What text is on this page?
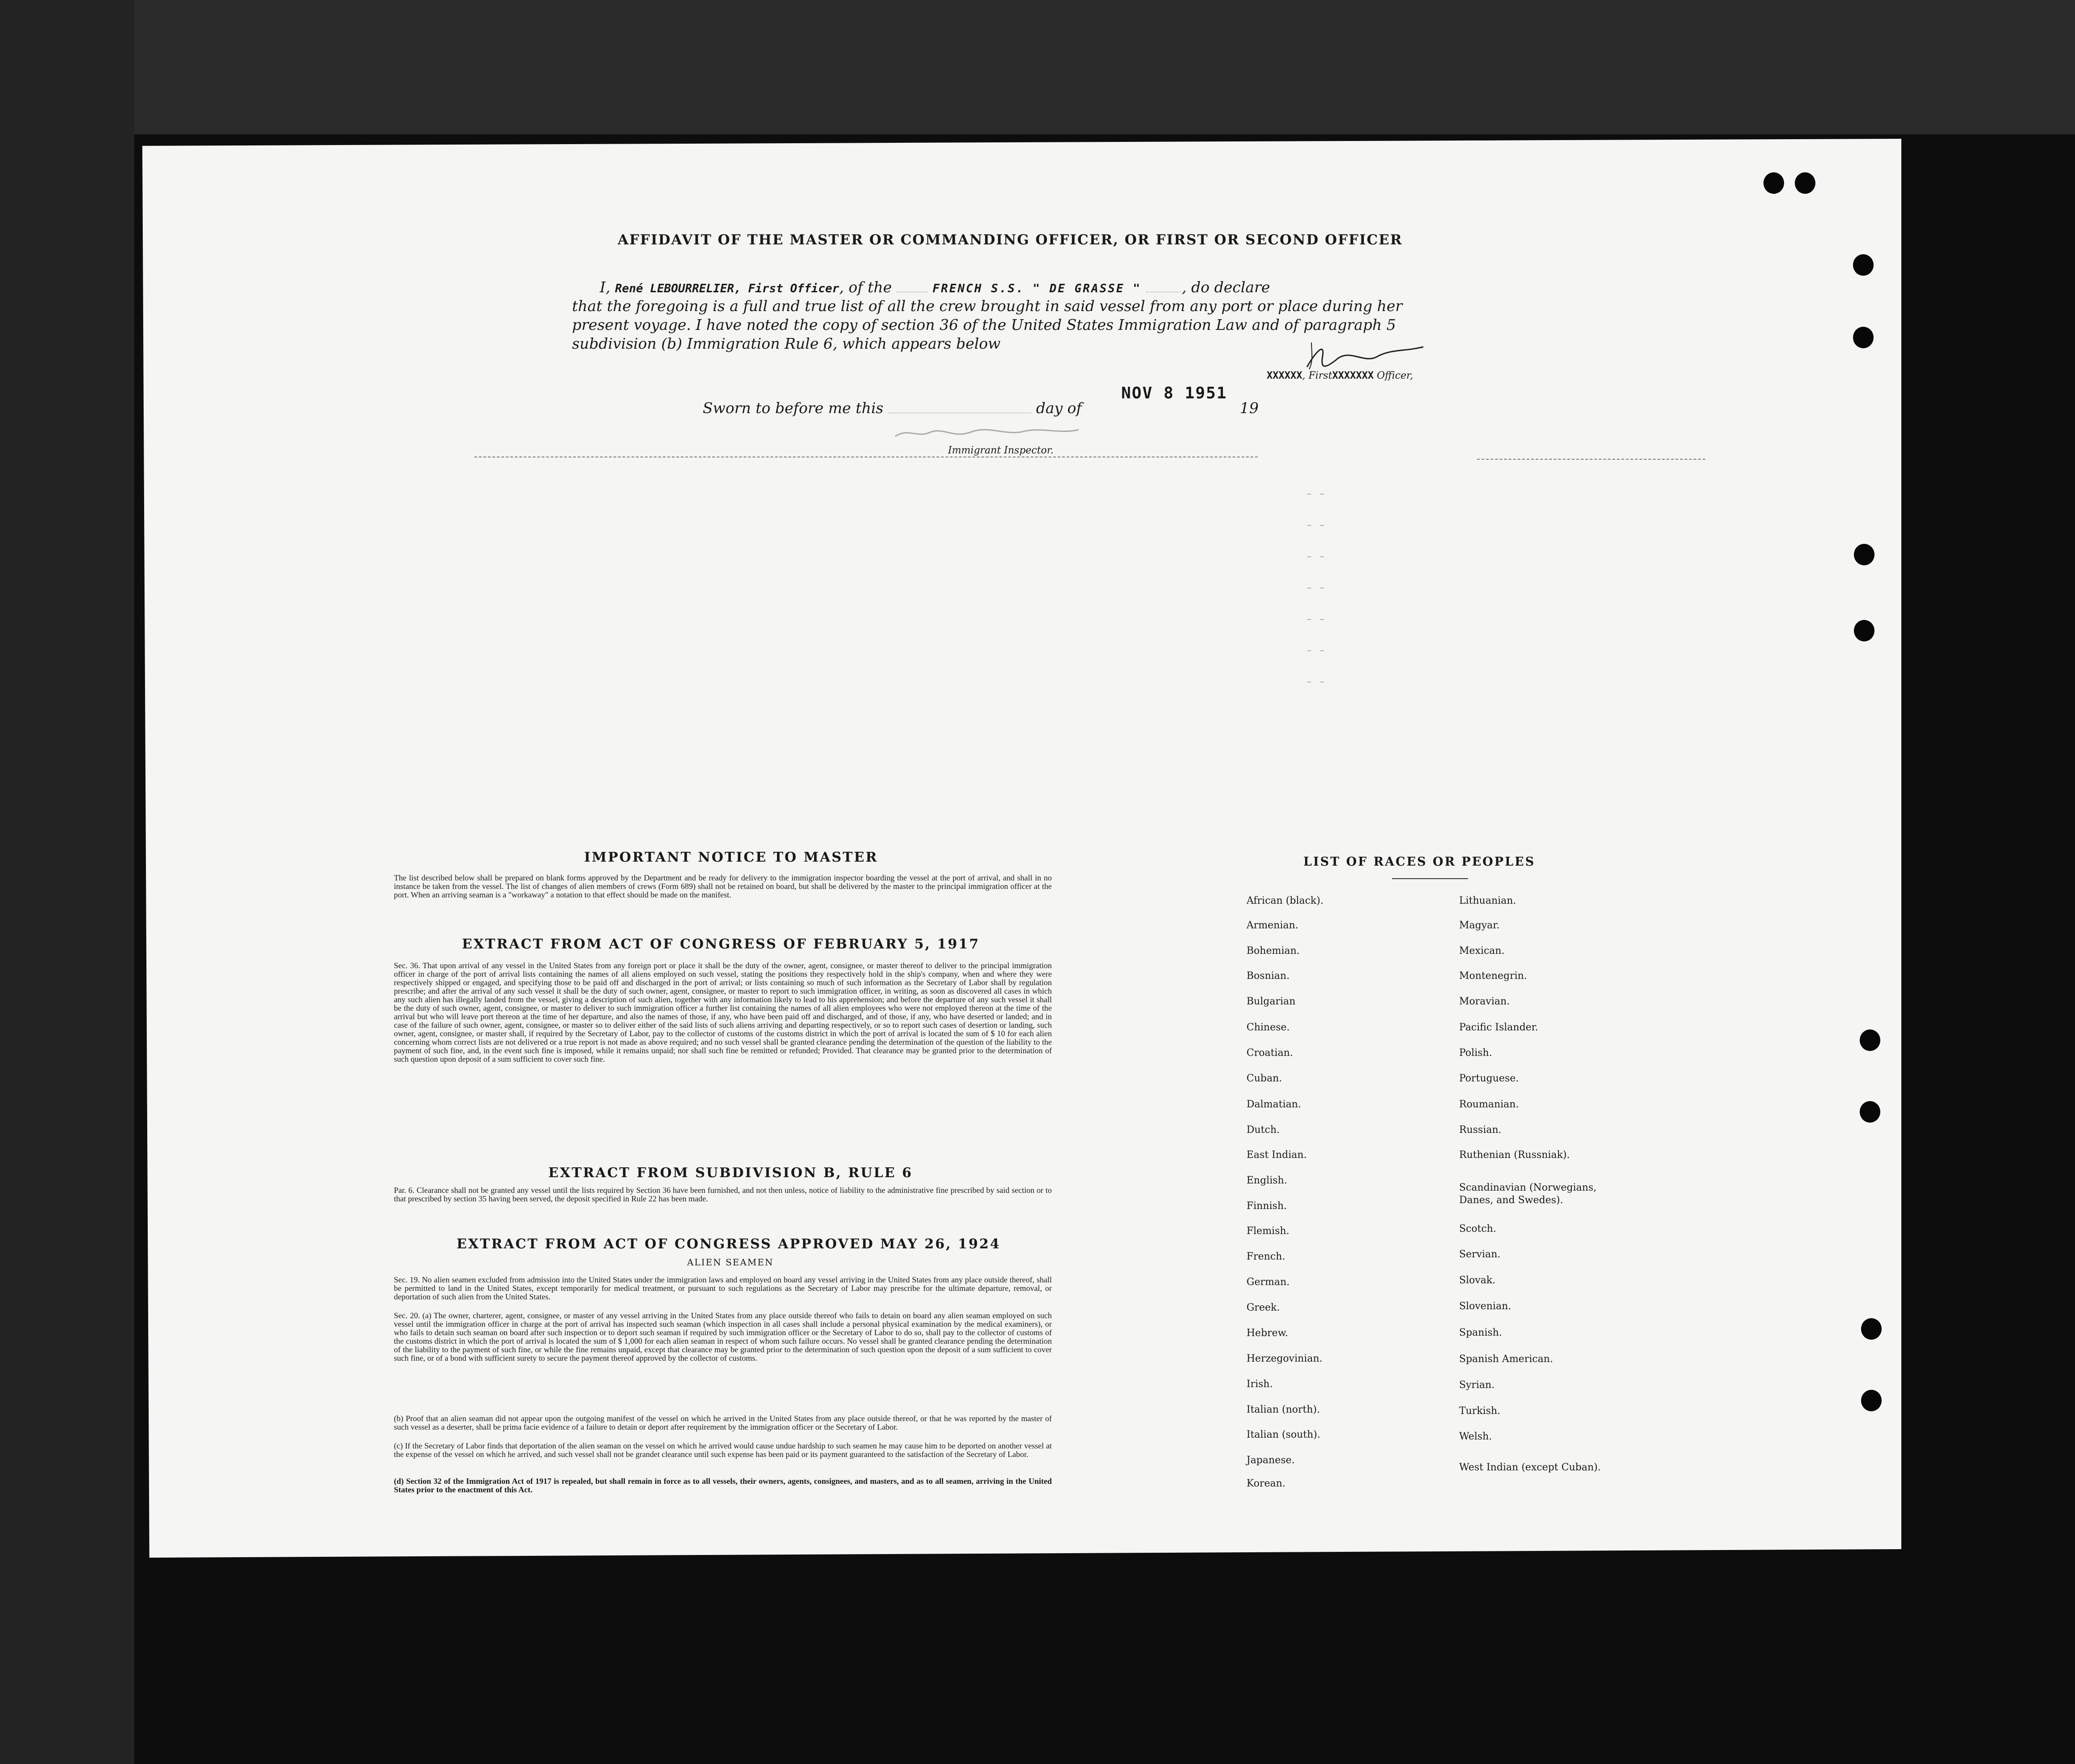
AFFIDAVIT OF THE MASTER OR COMMANDING OFFICER, OR FIRST OR SECOND OFFICER
I, René LEBOURRELIER, First Officer, of the	FRENCH S.S. " DE GRASSE "	, do declare
that the foregoing is a full and true list of all the crew brought in said vessel from any port or place during her
present voyage. I have noted the copy of section 36 of the United States Immigration Law and of paragraph 5
subdivision (b) Immigration Rule 6, which appears below
XXXXXX, FirstXXXXXXX Officer,
Sworn to before me this	day of
NOV 8 1951
19
Immigrant Inspector.
– –
– –
– –
– –
– –
– –
– –
IMPORTANT NOTICE TO MASTER
The list described below shall be prepared on blank forms approved by the Department and be ready for delivery to the immigration inspector boarding the vessel at the port of arrival, and shall in no instance be taken from the vessel. The list of changes of alien members of crews (Form 689) shall not be retained on board, but shall be delivered by the master to the principal immigration officer at the port. When an arriving seaman is a "workaway" a notation to that effect should be made on the manifest.
EXTRACT FROM ACT OF CONGRESS OF FEBRUARY 5, 1917
Sec. 36. That upon arrival of any vessel in the United States from any foreign port or place it shall be the duty of the owner, agent, consignee, or master thereof to deliver to the principal immigration officer in charge of the port of arrival lists containing the names of all aliens employed on such vessel, stating the positions they respectively hold in the ship's company, when and where they were respectively shipped or engaged, and specifying those to be paid off and discharged in the port of arrival; or lists containing so much of such information as the Secretary of Labor shall by regulation prescribe; and after the arrival of any such vessel it shall be the duty of such owner, agent, consignee, or master to report to such immigration officer, in writing, as soon as discovered all cases in which any such alien has illegally landed from the vessel, giving a description of such alien, together with any information likely to lead to his apprehension; and before the departure of any such vessel it shall be the duty of such owner, agent, consignee, or master to deliver to such immigration officer a further list containing the names of all alien employees who were not employed thereon at the time of the arrival but who will leave port thereon at the time of her departure, and also the names of those, if any, who have been paid off and discharged, and of those, if any, who have deserted or landed; and in case of the failure of such owner, agent, consignee, or master so to deliver either of the said lists of such aliens arriving and departing respectively, or so to report such cases of desertion or landing, such owner, agent, consignee, or master shall, if required by the Secretary of Labor, pay to the collector of customs of the customs district in which the port of arrival is located the sum of $ 10 for each alien concerning whom correct lists are not delivered or a true report is not made as above required; and no such vessel shall be granted clearance pending the determination of the question of the liability to the payment of such fine, and, in the event such fine is imposed, while it remains unpaid; nor shall such fine be remitted or refunded; Provided. That clearance may be granted prior to the determination of such question upon deposit of a sum sufficient to cover such fine.
EXTRACT FROM SUBDIVISION B, RULE 6
Par. 6. Clearance shall not be granted any vessel until the lists required by Section 36 have been furnished, and not then unless, notice of liability to the administrative fine prescribed by said section or to that prescribed by section 35 having been served, the deposit specified in Rule 22 has been made.
EXTRACT FROM ACT OF CONGRESS APPROVED MAY 26, 1924
ALIEN SEAMEN
Sec. 19. No alien seamen excluded from admission into the United States under the immigration laws and employed on board any vessel arriving in the United States from any place outside thereof, shall be permitted to land in the United States, except temporarily for medical treatment, or pursuant to such regulations as the Secretary of Labor may prescribe for the ultimate departure, removal, or deportation of such alien from the United States.
Sec. 20. (a) The owner, charterer, agent, consignee, or master of any vessel arriving in the United States from any place outside thereof who fails to detain on board any alien seaman employed on such vessel until the immigration officer in charge at the port of arrival has inspected such seaman (which inspection in all cases shall include a personal physical examination by the medical examiners), or who fails to detain such seaman on board after such inspection or to deport such seaman if required by such immigration officer or the Secretary of Labor to do so, shall pay to the collector of customs of the customs district in which the port of arrival is located the sum of $ 1,000 for each alien seaman in respect of whom such failure occurs. No vessel shall be granted clearance pending the determination of the liability to the payment of such fine, or while the fine remains unpaid, except that clearance may be granted prior to the determination of such question upon the deposit of a sum sufficient to cover such fine, or of a bond with sufficient surety to secure the payment thereof approved by the collector of customs.
(b) Proof that an alien seaman did not appear upon the outgoing manifest of the vessel on which he arrived in the United States from any place outside thereof, or that he was reported by the master of such vessel as a deserter, shall be prima facie evidence of a failure to detain or deport after requirement by the immigration officer or the Secretary of Labor.
(c) If the Secretary of Labor finds that deportation of the alien seaman on the vessel on which he arrived would cause undue hardship to such seamen he may cause him to be deported on another vessel at the expense of the vessel on which he arrived, and such vessel shall not be grandet clearance until such expense has been paid or its payment guaranteed to the satisfaction of the Secretary of Labor.
(d) Section 32 of the Immigration Act of 1917 is repealed, but shall remain in force as to all vessels, their owners, agents, consignees, and masters, and as to all seamen, arriving in the United States prior to the enactment of this Act.
LIST OF RACES OR PEOPLES
African (black).
Armenian.
Bohemian.
Bosnian.
Bulgarian
Chinese.
Croatian.
Cuban.
Dalmatian.
Dutch.
East Indian.
English.
Finnish.
Flemish.
French.
German.
Greek.
Hebrew.
Herzegovinian.
Irish.
Italian (north).
Italian (south).
Japanese.
Korean.
Lithuanian.
Magyar.
Mexican.
Montenegrin.
Moravian.
Pacific Islander.
Polish.
Portuguese.
Roumanian.
Russian.
Ruthenian (Russniak).
Scandinavian (Norwegians, Danes, and Swedes).
Scotch.
Servian.
Slovak.
Slovenian.
Spanish.
Spanish American.
Syrian.
Turkish.
Welsh.
West Indian (except Cuban).
